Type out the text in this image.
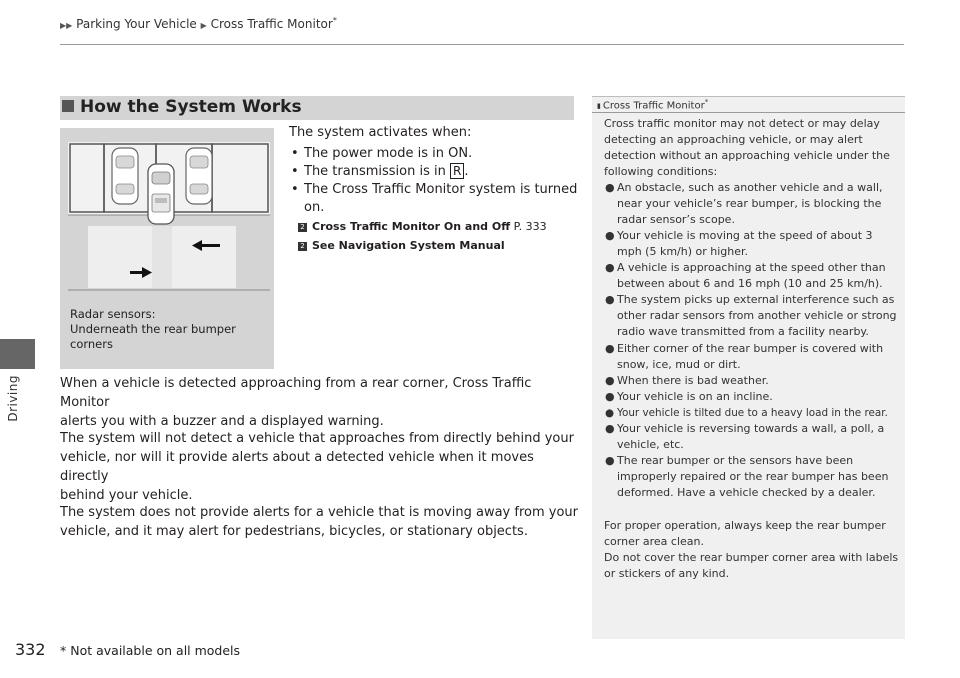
▶▶ Parking Your Vehicle ▶ Cross Traffic Monitor*
Driving
How the System Works
Radar sensors:
Underneath the rear bumper
corners
The system activates when:
• The power mode is in ON.
• The transmission is in R .
• The Cross Traffic Monitor system is turned
on.
2 Cross Traffic Monitor On and Off P. 333
2 See Navigation System Manual
When a vehicle is detected approaching from a rear corner, Cross Traffic Monitor
alerts you with a buzzer and a displayed warning.
The system will not detect a vehicle that approaches from directly behind your
vehicle, nor will it provide alerts about a detected vehicle when it moves directly
behind your vehicle.
The system does not provide alerts for a vehicle that is moving away from your
vehicle, and it may alert for pedestrians, bicycles, or stationary objects.
▮ Cross Traffic Monitor*
Cross traffic monitor may not detect or may delay
detecting an approaching vehicle, or may alert
detection without an approaching vehicle under the
following conditions:
● An obstacle, such as another vehicle and a wall, near your vehicle’s rear bumper, is blocking the radar sensor’s scope.
● Your vehicle is moving at the speed of about 3 mph (5 km/h) or higher.
● A vehicle is approaching at the speed other than between about 6 and 16 mph (10 and 25 km/h).
● The system picks up external interference such as other radar sensors from another vehicle or strong radio wave transmitted from a facility nearby.
● Either corner of the rear bumper is covered with snow, ice, mud or dirt.
● When there is bad weather.
● Your vehicle is on an incline.
● Your vehicle is tilted due to a heavy load in the rear.
● Your vehicle is reversing towards a wall, a poll, a vehicle, etc.
● The rear bumper or the sensors have been improperly repaired or the rear bumper has been deformed. Have a vehicle checked by a dealer.
For proper operation, always keep the rear bumper
corner area clean.
Do not cover the rear bumper corner area with labels
or stickers of any kind.
332 * Not available on all models
